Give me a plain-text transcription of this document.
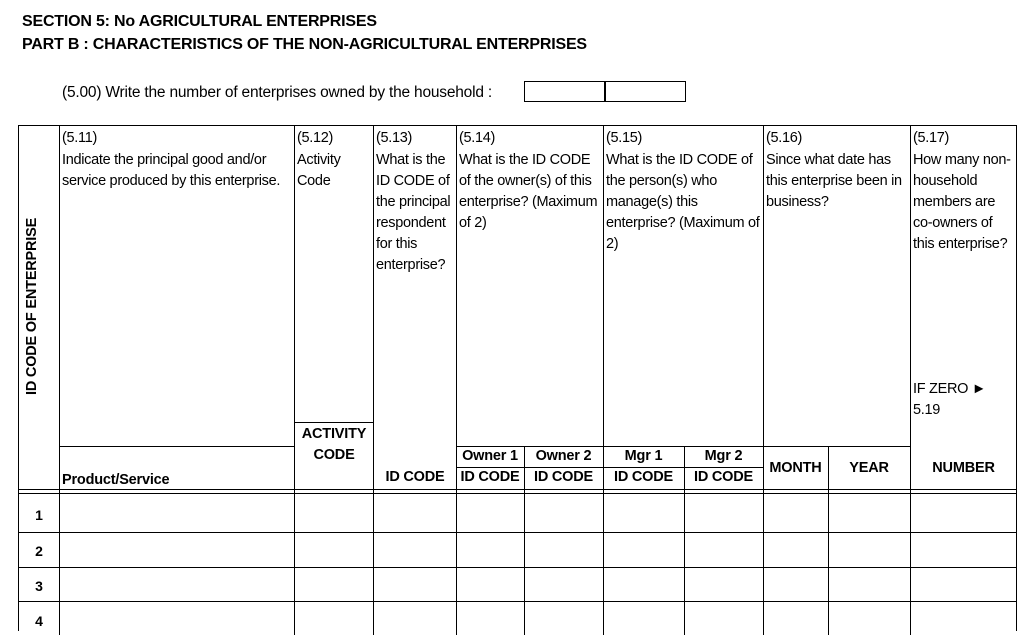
SECTION 5: No AGRICULTURAL ENTERPRISES
PART B : CHARACTERISTICS OF THE NON-AGRICULTURAL ENTERPRISES
(5.00) Write the number of enterprises owned by the household :
ID CODE OF ENTERPRISE
(5.11)
Indicate the principal good and/or service produced by this enterprise.
(5.12)
Activity Code
(5.13)
What is the ID CODE of the principal respondent for this enterprise?
(5.14)
What is the ID CODE of the owner(s) of this enterprise? (Maximum of 2)
(5.15)
What is the ID CODE of the person(s) who manage(s) this enterprise? (Maximum of 2)
(5.16)
Since what date has this enterprise been in business?
(5.17)
How many non-household members are co-owners of this enterprise?
IF ZERO ► 5.19
Product/Service
ACTIVITY CODE
ID CODE
Owner 1
ID CODE
Owner 2
ID CODE
Mgr 1
ID CODE
Mgr 2
ID CODE
MONTH	YEAR	NUMBER
1
2
3
4
